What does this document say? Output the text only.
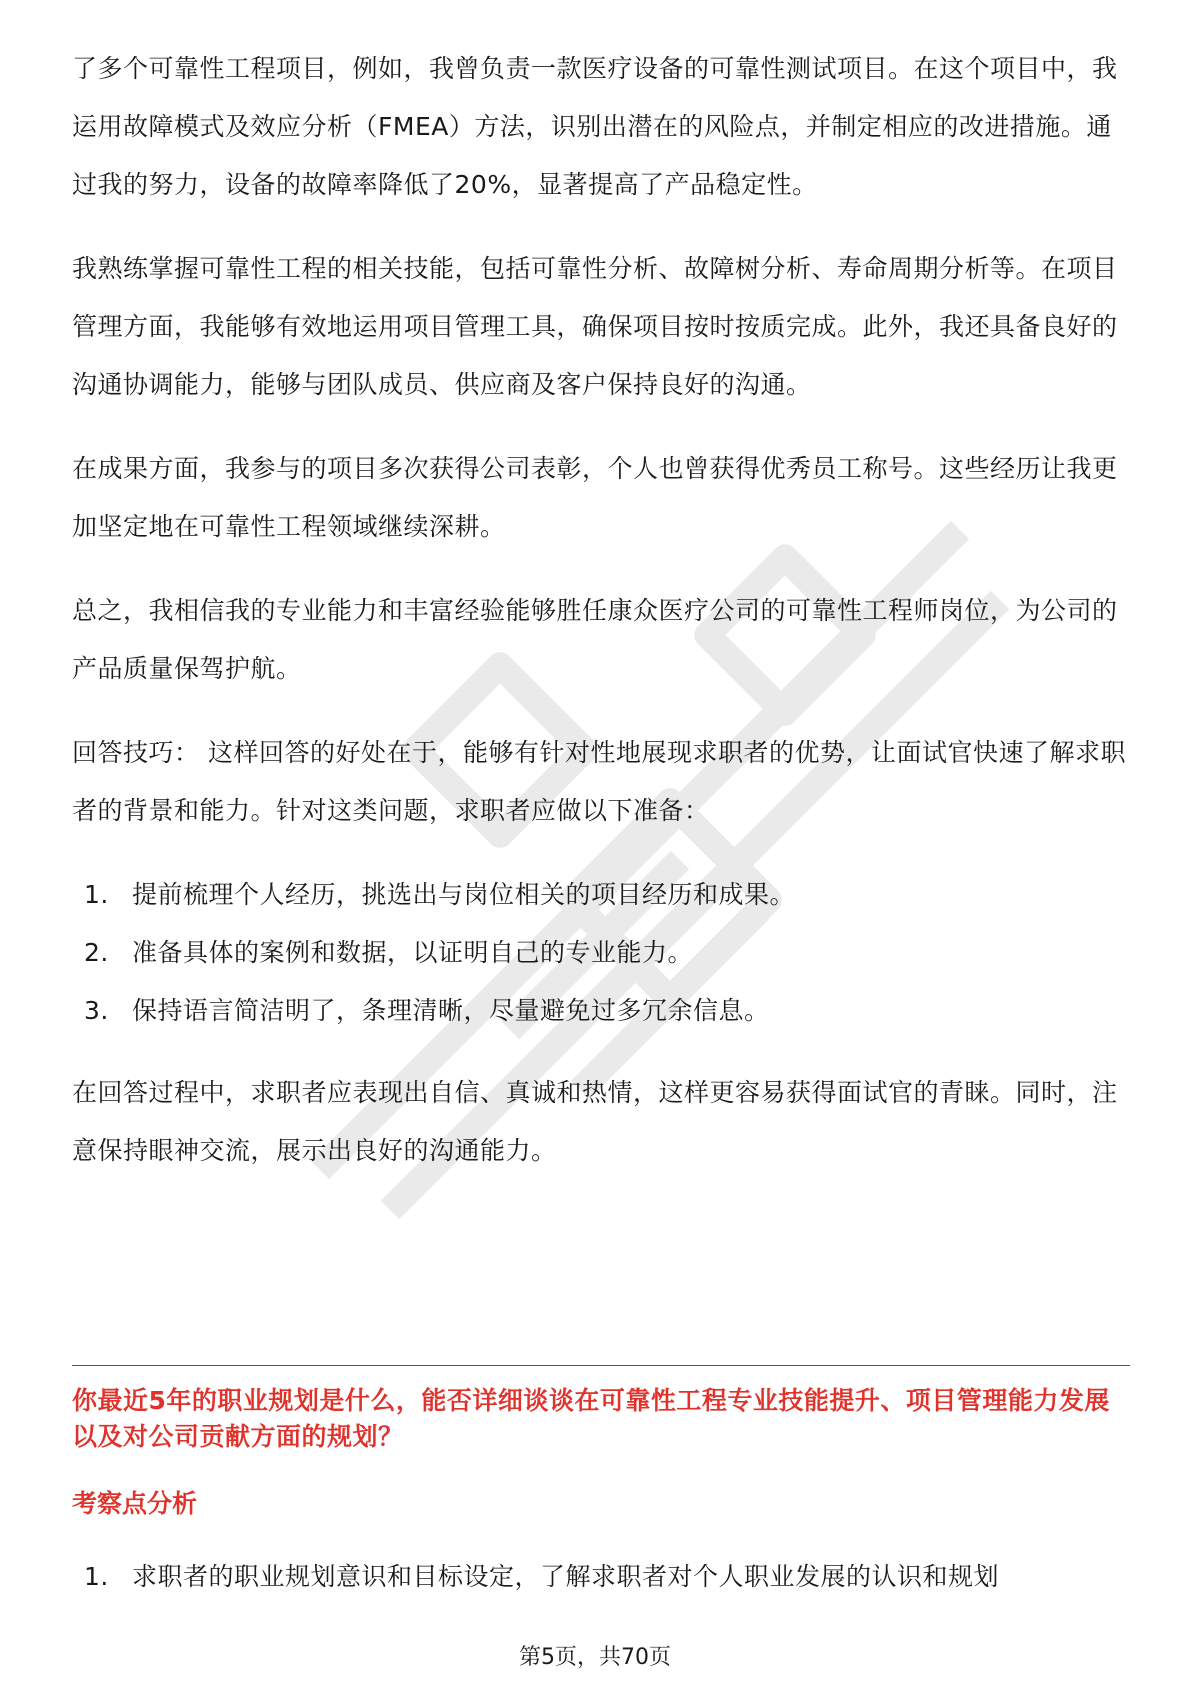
了多个可靠性工程项目，例如，我曾负责一款医疗设备的可靠性测试项目。在这个项目中，我运用故障模式及效应分析（FMEA）方法，识别出潜在的风险点，并制定相应的改进措施。通过我的努力，设备的故障率降低了20%，显著提高了产品稳定性。

我熟练掌握可靠性工程的相关技能，包括可靠性分析、故障树分析、寿命周期分析等。在项目管理方面，我能够有效地运用项目管理工具，确保项目按时按质完成。此外，我还具备良好的沟通协调能力，能够与团队成员、供应商及客户保持良好的沟通。

在成果方面，我参与的项目多次获得公司表彰，个人也曾获得优秀员工称号。这些经历让我更加坚定地在可靠性工程领域继续深耕。

总之，我相信我的专业能力和丰富经验能够胜任康众医疗公司的可靠性工程师岗位，为公司的产品质量保驾护航。

回答技巧： 这样回答的好处在于，能够有针对性地展现求职者的优势，让面试官快速了解求职者的背景和能力。针对这类问题，求职者应做以下准备：

1. 提前梳理个人经历，挑选出与岗位相关的项目经历和成果。
2. 准备具体的案例和数据，以证明自己的专业能力。
3. 保持语言简洁明了，条理清晰，尽量避免过多冗余信息。

在回答过程中，求职者应表现出自信、真诚和热情，这样更容易获得面试官的青睐。同时，注意保持眼神交流，展示出良好的沟通能力。

你最近5年的职业规划是什么，能否详细谈谈在可靠性工程专业技能提升、项目管理能力发展以及对公司贡献方面的规划？
考察点分析
1. 求职者的职业规划意识和目标设定，了解求职者对个人职业发展的认识和规划
第5页，共70页
